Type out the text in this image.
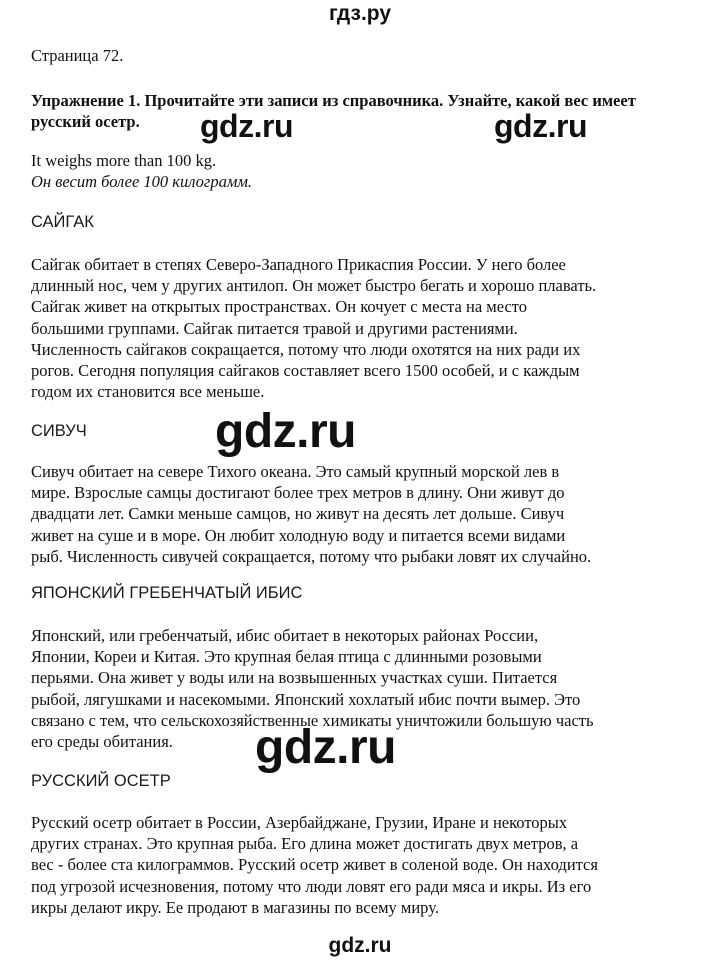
гдз.ру
Страница 72.
Упражнение 1. Прочитайте эти записи из справочника. Узнайте, какой вес имеет русский осетр.	gdz.ru	gdz.ru
It weighs more than 100 kg.
Он весит более 100 килограмм.
САЙГАК
Сайгак обитает в степях Северо-Западного Прикаспия России. У него более
длинный нос, чем у других антилоп. Он может быстро бегать и хорошо плавать.
Сайгак живет на открытых пространствах. Он кочует с места на место
большими группами. Сайгак питается травой и другими растениями.
Численность сайгаков сокращается, потому что люди охотятся на них ради их
рогов. Сегодня популяция сайгаков составляет всего 1500 особей, и с каждым
годом их становится все меньше.
СИВУЧ	gdz.ru
Сивуч обитает на севере Тихого океана. Это самый крупный морской лев в
мире. Взрослые самцы достигают более трех метров в длину. Они живут до
двадцати лет. Самки меньше самцов, но живут на десять лет дольше. Сивуч
живет на суше и в море. Он любит холодную воду и питается всеми видами
рыб. Численность сивучей сокращается, потому что рыбаки ловят их случайно.
ЯПОНСКИЙ ГРЕБЕНЧАТЫЙ ИБИС
Японский, или гребенчатый, ибис обитает в некоторых районах России,
Японии, Кореи и Китая. Это крупная белая птица с длинными розовыми
перьями. Она живет у воды или на возвышенных участках суши. Питается
рыбой, лягушками и насекомыми. Японский хохлатый ибис почти вымер. Это
связано с тем, что сельскохозяйственные химикаты уничтожили большую часть
его среды обитания.	gdz.ru
РУССКИЙ ОСЕТР
Русский осетр обитает в России, Азербайджане, Грузии, Иране и некоторых
других странах. Это крупная рыба. Его длина может достигать двух метров, а
вес - более ста килограммов. Русский осетр живет в соленой воде. Он находится
под угрозой исчезновения, потому что люди ловят его ради мяса и икры. Из его
икры делают икру. Ее продают в магазины по всему миру.
gdz.ru
